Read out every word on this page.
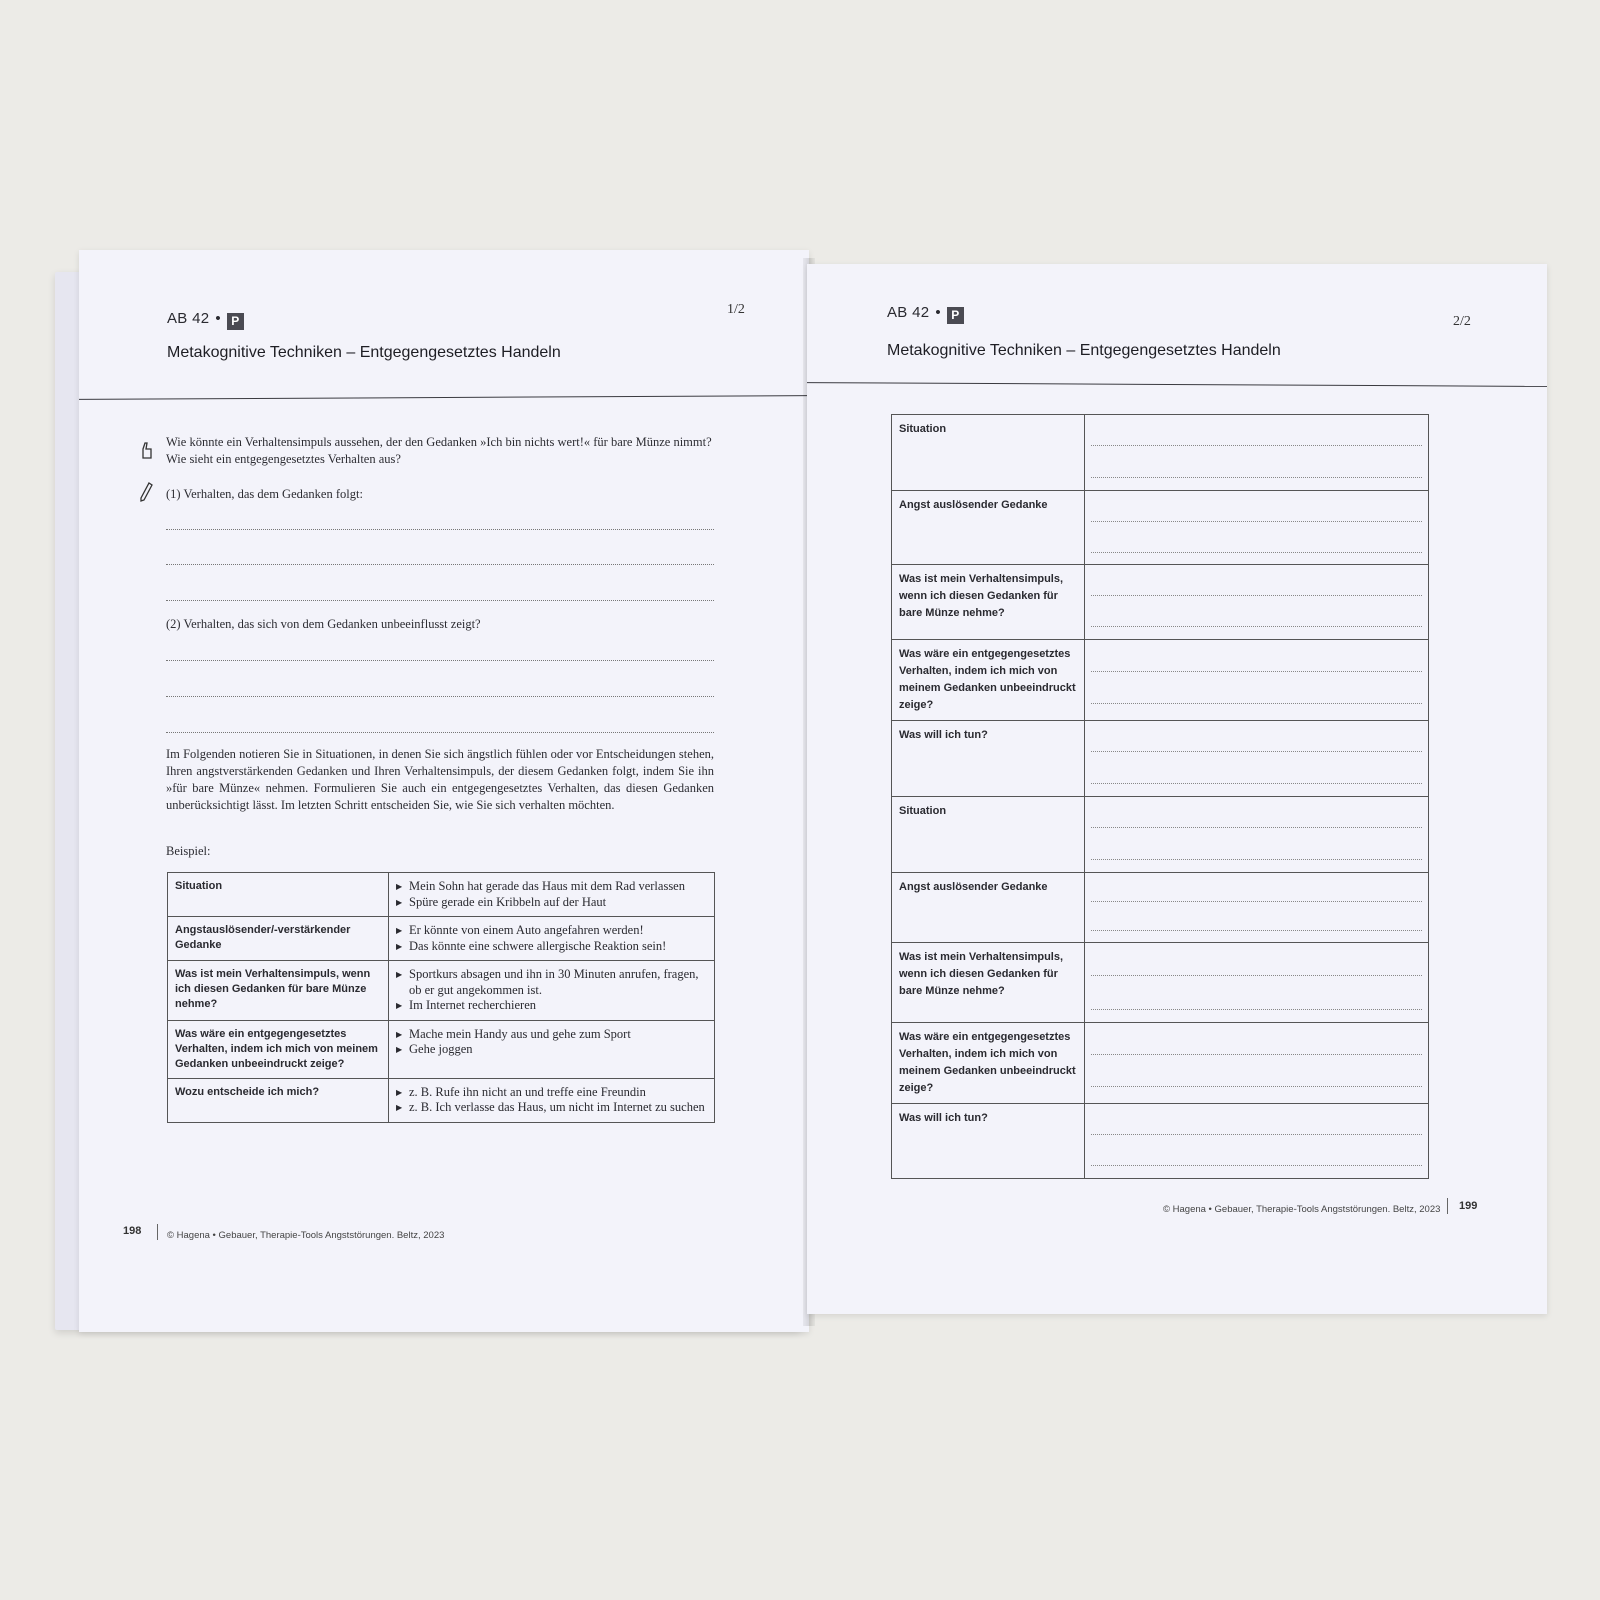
AB 42 • P
1/2
Metakognitive Techniken – Entgegengesetztes Handeln
Wie könnte ein Verhaltensimpuls aussehen, der den Gedanken »Ich bin nichts wert!« für bare Münze nimmt? Wie sieht ein entgegengesetztes Verhalten aus?
(1) Verhalten, das dem Gedanken folgt:
(2) Verhalten, das sich von dem Gedanken unbeeinflusst zeigt?
Im Folgenden notieren Sie in Situationen, in denen Sie sich ängstlich fühlen oder vor Entscheidungen stehen, Ihren angstverstärkenden Gedanken und Ihren Verhaltensimpuls, der diesem Gedanken folgt, indem Sie ihn »für bare Münze« nehmen. Formulieren Sie auch ein entgegengesetztes Verhalten, das diesen Gedanken unberücksichtigt lässt. Im letzten Schritt entscheiden Sie, wie Sie sich verhalten möchten.
Beispiel:
Situation	▶ Mein Sohn hat gerade das Haus mit dem Rad verlassen
▶ Spüre gerade ein Kribbeln auf der Haut

Angstauslösender/-verstärkender Gedanke	▶ Er könnte von einem Auto angefahren werden!
▶ Das könnte eine schwere allergische Reaktion sein!

Was ist mein Verhaltensimpuls, wenn ich diesen Gedanken für bare Münze nehme?	▶ Sportkurs absagen und ihn in 30 Minuten anrufen, fragen, ob er gut angekommen ist.
▶ Im Internet recherchieren

Was wäre ein entgegengesetztes Verhalten, indem ich mich von meinem Gedanken unbeeindruckt zeige?	▶ Mache mein Handy aus und gehe zum Sport
▶ Gehe joggen

Wozu entscheide ich mich?	▶ z. B. Rufe ihn nicht an und treffe eine Freundin
▶ z. B. Ich verlasse das Haus, um nicht im Internet zu suchen
198	© Hagena • Gebauer, Therapie-Tools Angststörungen. Beltz, 2023
AB 42 • P	2/2
Metakognitive Techniken – Entgegengesetztes Handeln
Situation	

Angst auslösender Gedanke	

Was ist mein Verhaltensimpuls, wenn ich diesen Gedanken für bare Münze nehme?	

Was wäre ein entgegengesetztes Verhalten, indem ich mich von meinem Gedanken unbeeindruckt zeige?	

Was will ich tun?	

Situation	

Angst auslösender Gedanke	

Was ist mein Verhaltensimpuls, wenn ich diesen Gedanken für bare Münze nehme?	

Was wäre ein entgegengesetztes Verhalten, indem ich mich von meinem Gedanken unbeeindruckt zeige?	

Was will ich tun?	
© Hagena • Gebauer, Therapie-Tools Angststörungen. Beltz, 2023 199
